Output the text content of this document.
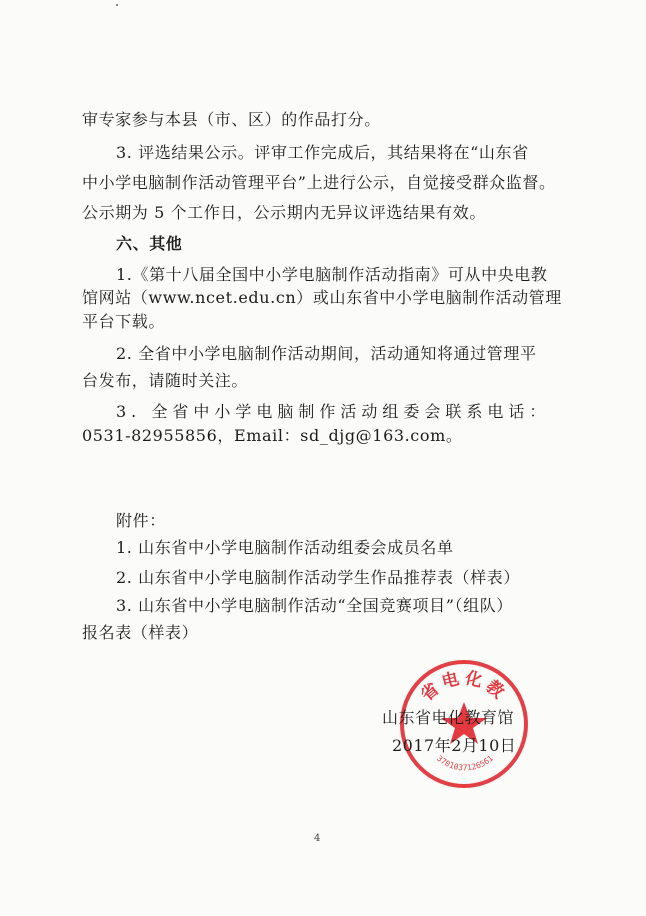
审专家参与本县（市、区）的作品打分。
3. 评选结果公示。评审工作完成后，其结果将在“山东省
中小学电脑制作活动管理平台”上进行公示，自觉接受群众监督。
公示期为 5 个工作日，公示期内无异议评选结果有效。
六、其他
1.《第十八届全国中小学电脑制作活动指南》可从中央电教
馆网站（www.ncet.edu.cn）或山东省中小学电脑制作活动管理
平台下载。
2. 全省中小学电脑制作活动期间，活动通知将通过管理平
台发布，请随时关注。
3. 全省中小学电脑制作活动组委会联系电话：
0531-82955856，Email：sd_djg@163.com。
附件：
1. 山东省中小学电脑制作活动组委会成员名单
2. 山东省中小学电脑制作活动学生作品推荐表（样表）
3. 山东省中小学电脑制作活动“全国竞赛项目”（组队）
报名表（样表）
省电化教
3701037126561
山东省电化教育馆
2017年2月10日
4
